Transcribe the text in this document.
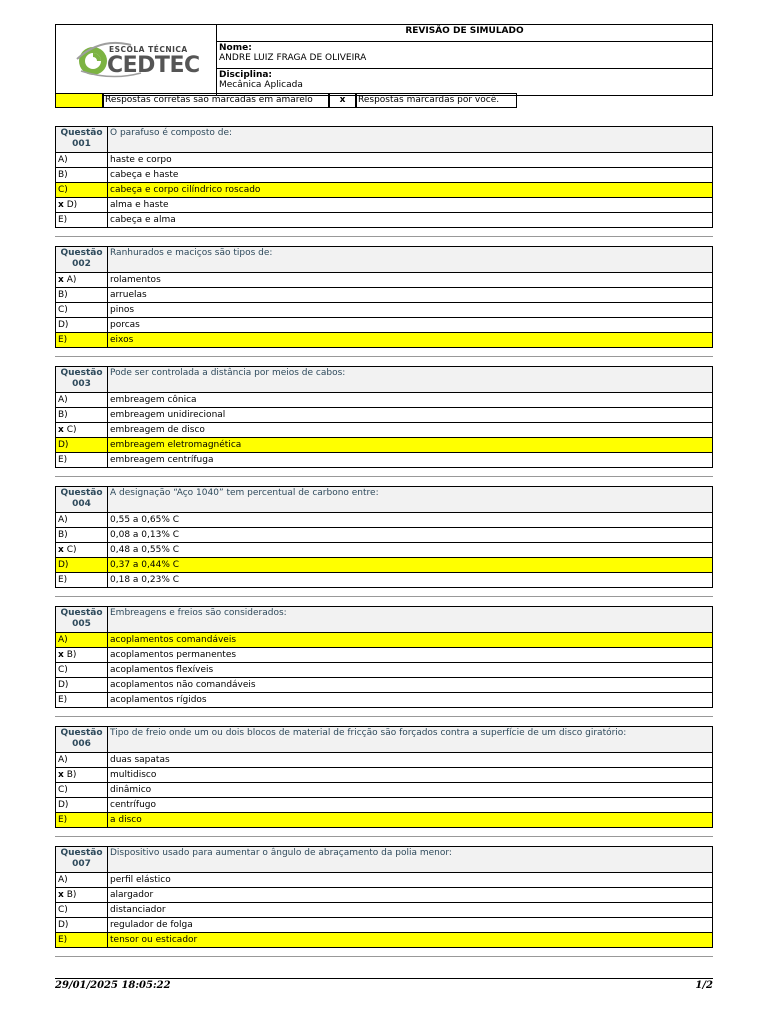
ESCOLA TÉCNICA
CEDTEC
	REVISÃO DE SIMULADO

Nome:
ANDRE LUIZ FRAGA DE OLIVEIRA

Disciplina:
Mecânica Aplicada
Respostas corretas são marcadas em amarelo	x	Respostas marcardas por você.
Questão
001	O parafuso é composto de:
A)	haste e corpo
B)	cabeça e haste
C)	cabeça e corpo cilíndrico roscado
x D)	alma e haste
E)	cabeça e alma
Questão
002	Ranhurados e maciços são tipos de:
x A)	rolamentos
B)	arruelas
C)	pinos
D)	porcas
E)	eixos
Questão
003	Pode ser controlada a distância por meios de cabos:
A)	embreagem cônica
B)	embreagem unidirecional
x C)	embreagem de disco
D)	embreagem eletromagnética
E)	embreagem centrífuga
Questão
004	A designação “Aço 1040” tem percentual de carbono entre:
A)	0,55 a 0,65% C
B)	0,08 a 0,13% C
x C)	0,48 a 0,55% C
D)	0,37 a 0,44% C
E)	0,18 a 0,23% C
Questão
005	Embreagens e freios são considerados:
A)	acoplamentos comandáveis
x B)	acoplamentos permanentes
C)	acoplamentos flexíveis
D)	acoplamentos não comandáveis
E)	acoplamentos rígidos
Questão
006	Tipo de freio onde um ou dois blocos de material de fricção são forçados contra a superfície de um disco giratório:
A)	duas sapatas
x B)	multidisco
C)	dinâmico
D)	centrífugo
E)	a disco
Questão
007	Dispositivo usado para aumentar o ângulo de abraçamento da polia menor:
A)	perfil elástico
x B)	alargador
C)	distanciador
D)	regulador de folga
E)	tensor ou esticador
29/01/2025 18:05:22	1/2
